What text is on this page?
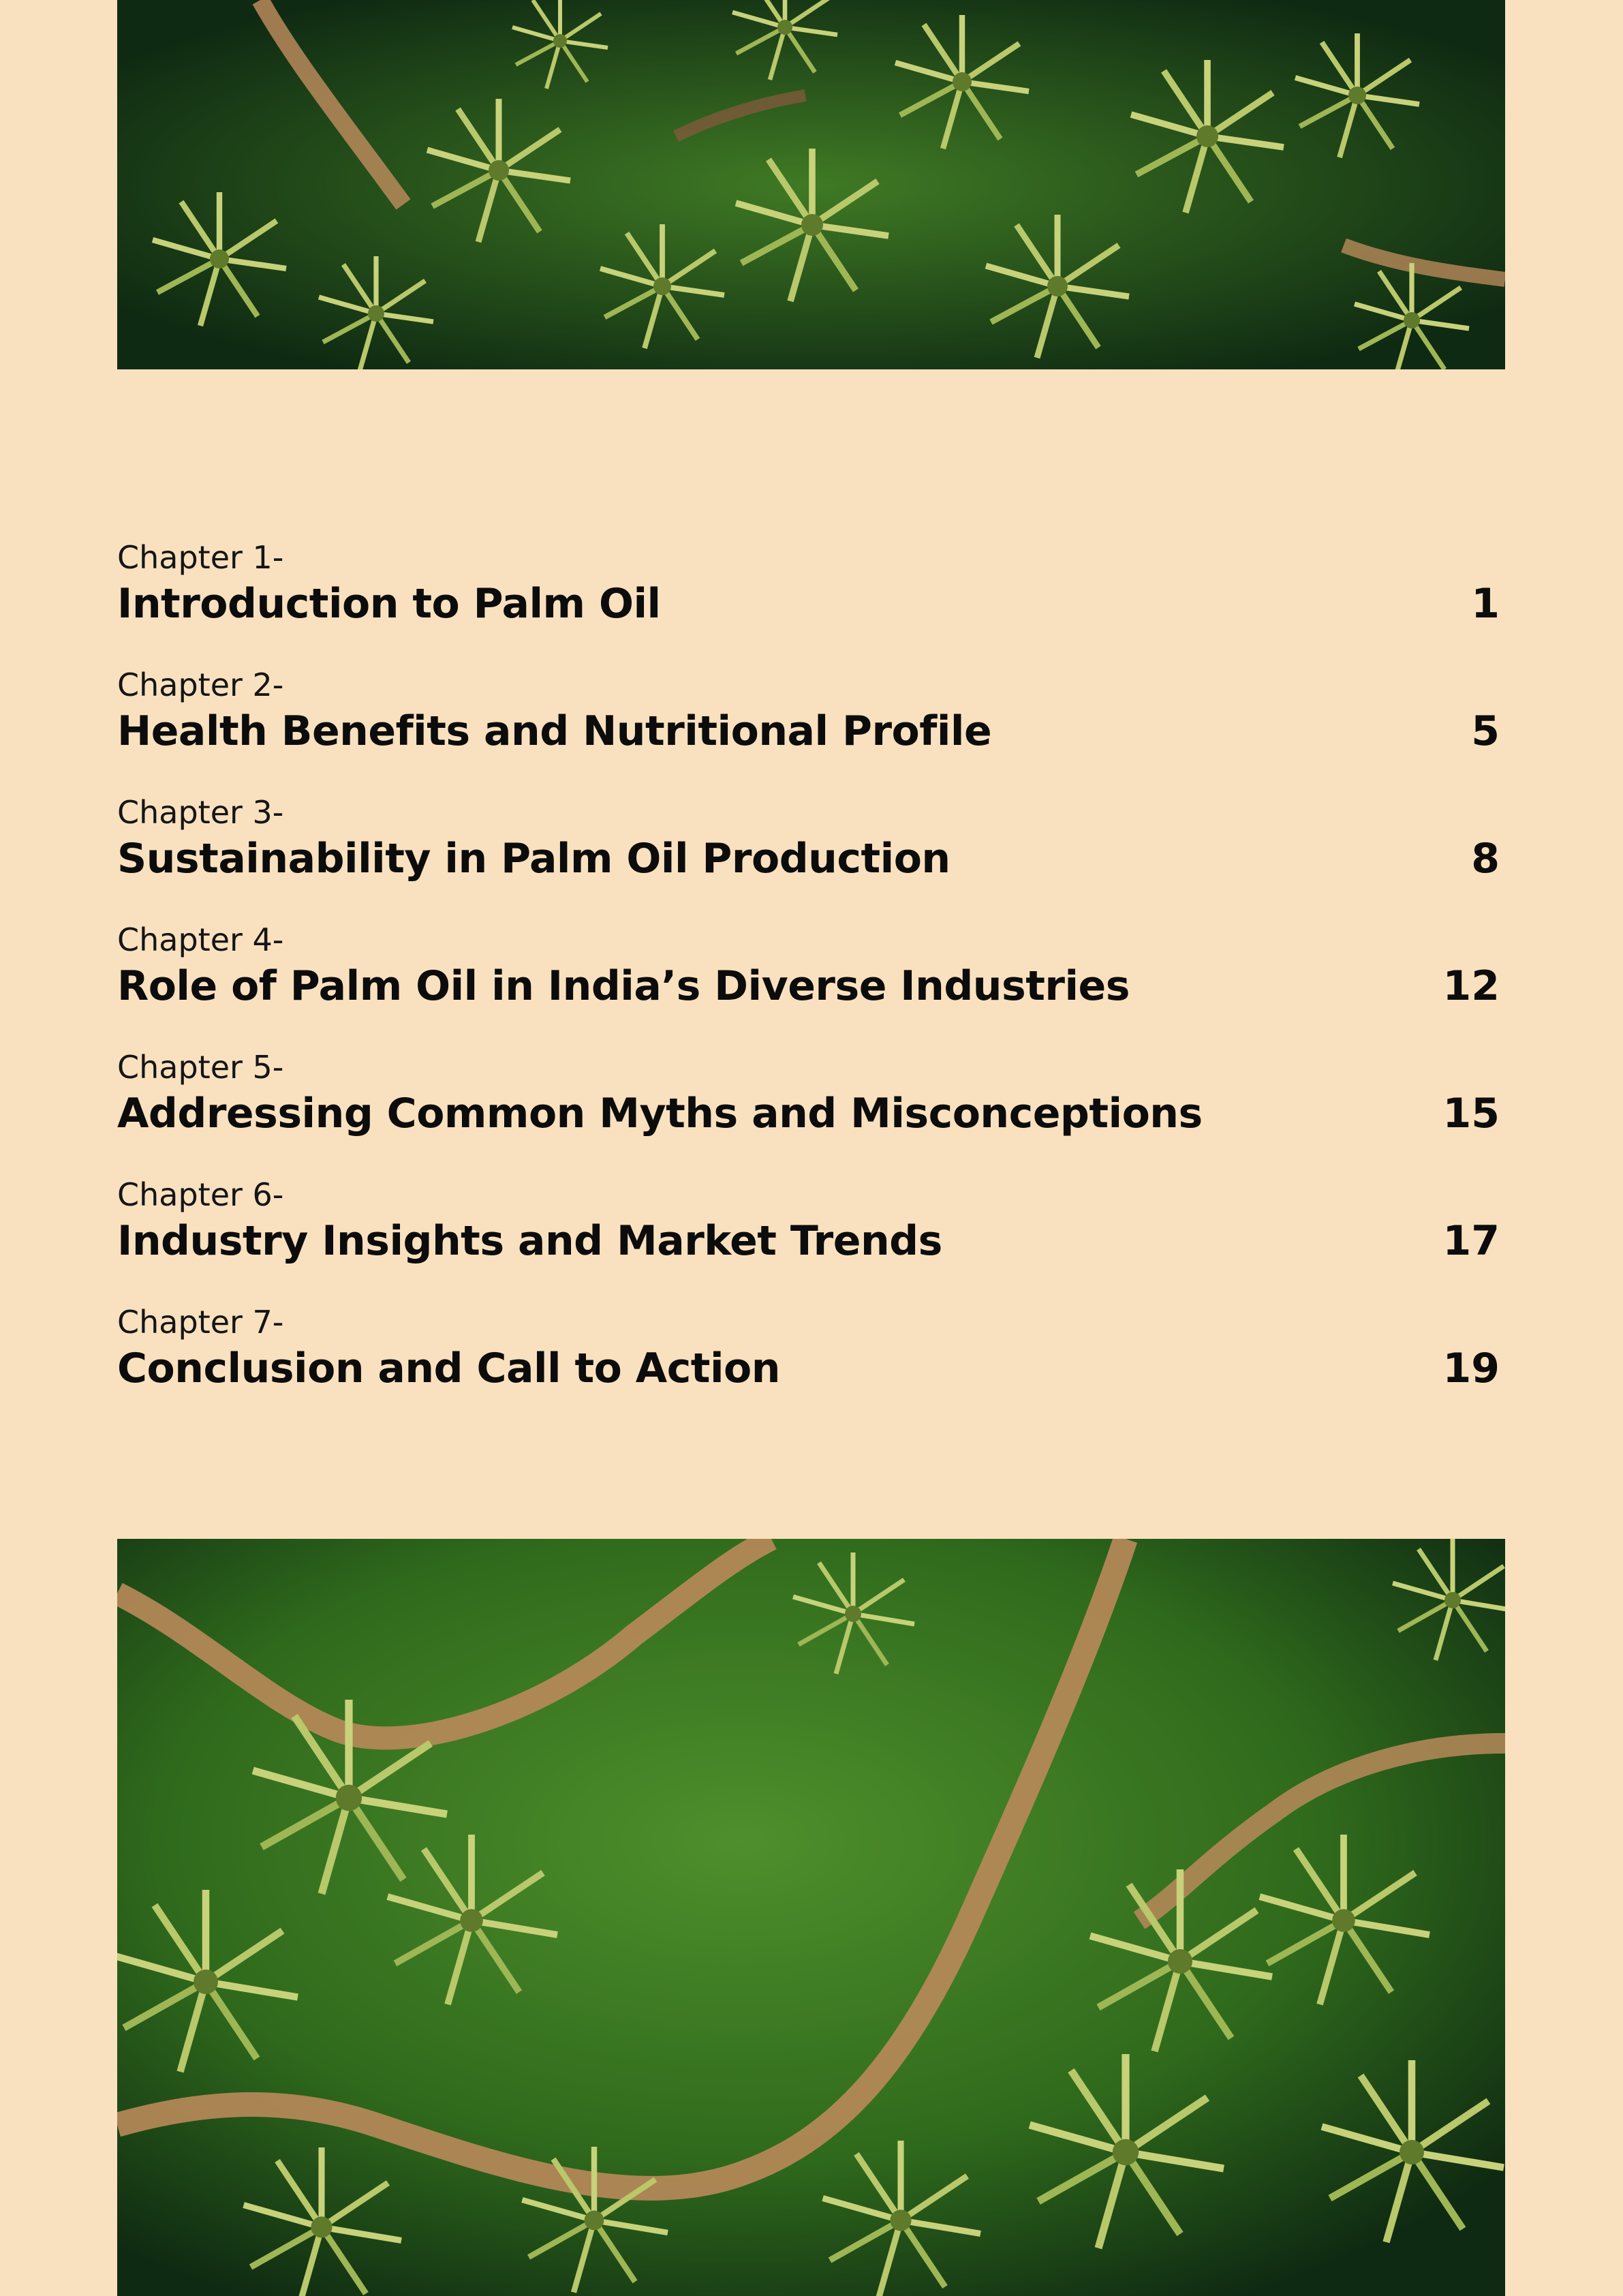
Chapter 1-
Introduction to Palm Oil	1
Chapter 2-
Health Benefits and Nutritional Profile	5
Chapter 3-
Sustainability in Palm Oil Production	8
Chapter 4-
Role of Palm Oil in India’s Diverse Industries	12
Chapter 5-
Addressing Common Myths and Misconceptions	15
Chapter 6-
Industry Insights and Market Trends	17
Chapter 7-
Conclusion and Call to Action	19
